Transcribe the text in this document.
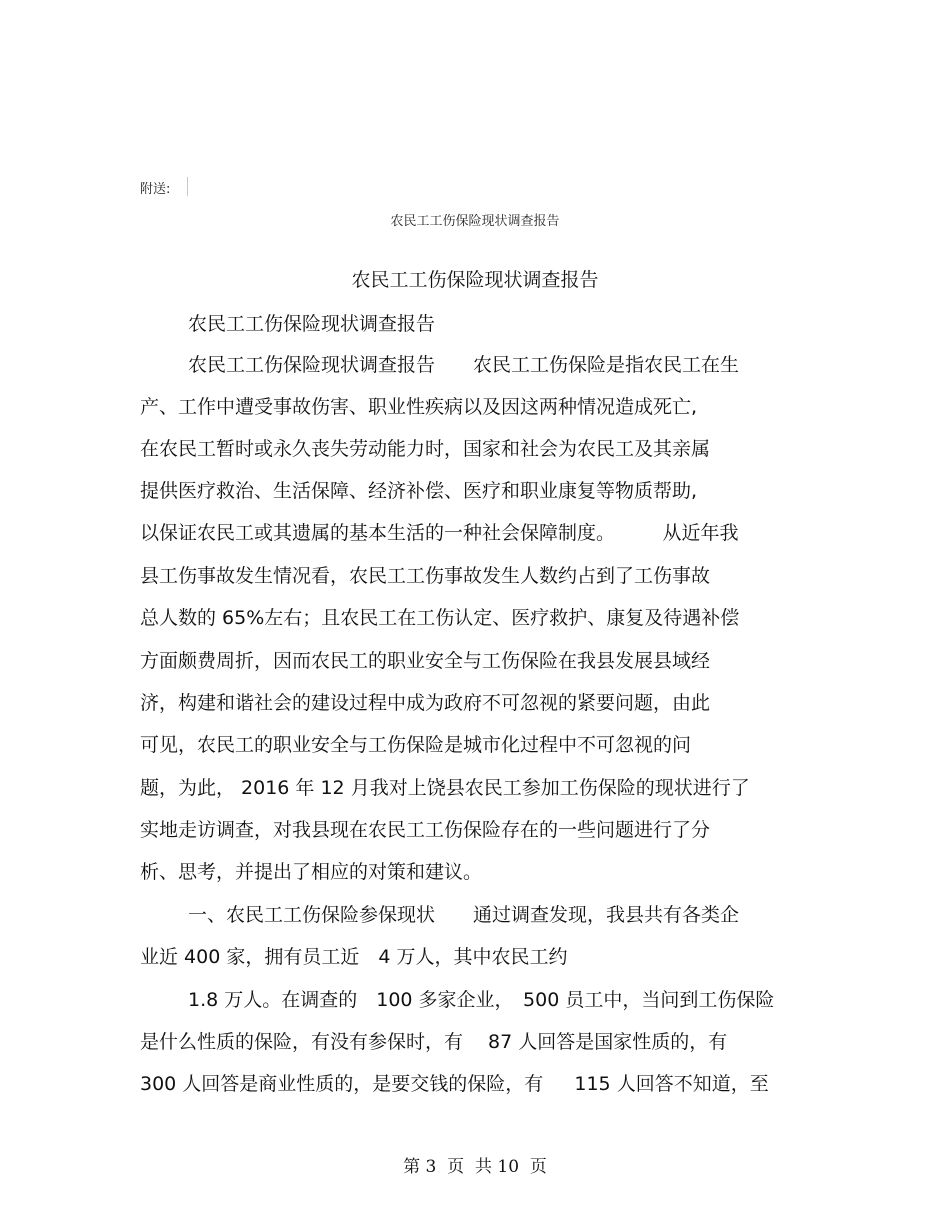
附送:
农民工工伤保险现状调查报告
农民工工伤保险现状调查报告
农民工工伤保险现状调查报告
农民工工伤保险现状调查报告　　农民工工伤保险是指农民工在生
产、工作中遭受事故伤害、职业性疾病以及因这两种情况造成死亡,
在农民工暂时或永久丧失劳动能力时，国家和社会为农民工及其亲属
提供医疗救治、生活保障、经济补偿、医疗和职业康复等物质帮助,
以保证农民工或其遗属的基本生活的一种社会保障制度。　　　从近年我
县工伤事故发生情况看，农民工工伤事故发生人数约占到了工伤事故
总人数的 65%左右；且农民工在工伤认定、医疗救护、康复及待遇补偿
方面颇费周折，因而农民工的职业安全与工伤保险在我县发展县域经
济，构建和谐社会的建设过程中成为政府不可忽视的紧要问题，由此
可见，农民工的职业安全与工伤保险是城市化过程中不可忽视的问
题，为此， 2016 年 12 月我对上饶县农民工参加工伤保险的现状进行了
实地走访调查，对我县现在农民工工伤保险存在的一些问题进行了分
析、思考，并提出了相应的对策和建议。
一、农民工工伤保险参保现状　　通过调查发现，我县共有各类企
业近 400 家，拥有员工近　4 万人，其中农民工约
1.8 万人。在调查的　100 多家企业，　500 员工中，当问到工伤保险
是什么性质的保险，有没有参保时，有　 87 人回答是国家性质的，有
300 人回答是商业性质的，是要交钱的保险，有　  115 人回答不知道，至
第 3  页  共 10  页
